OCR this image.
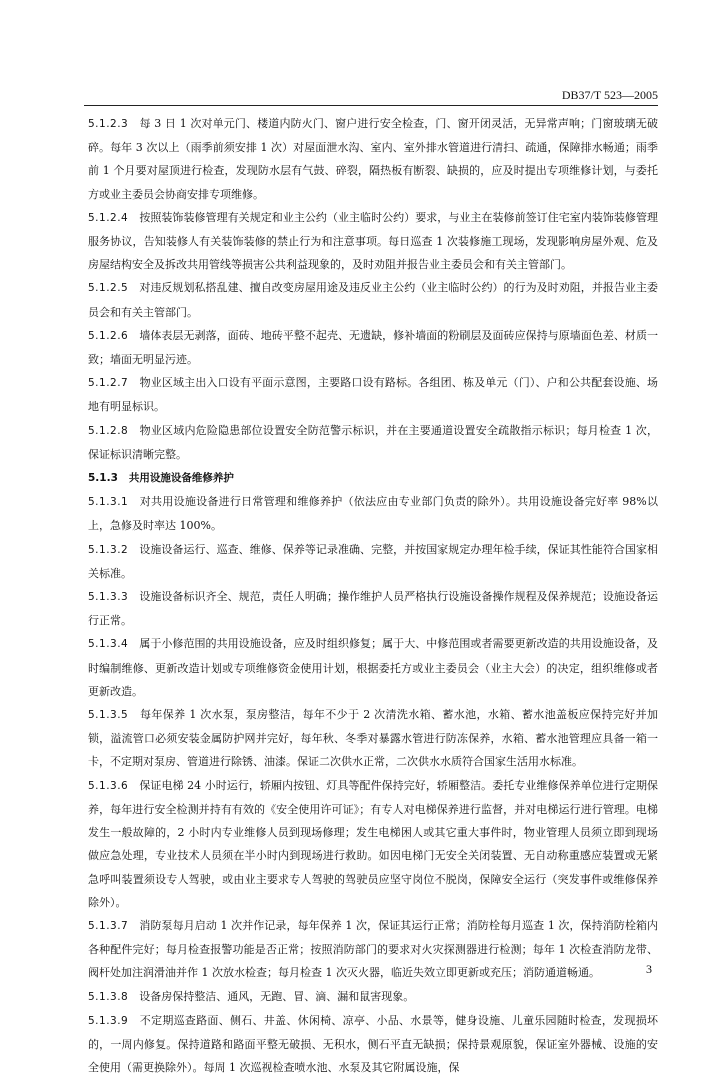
DB37/T 523—2005

5.1.2.3　 每 3 日 1 次对单元门、楼道内防火门、窗户进行安全检查，门、窗开闭灵活，无异常声响；门窗玻璃无破碎。每年 3 次以上（雨季前须安排 1 次）对屋面泄水沟、室内、室外排水管道进行清扫、疏通，保障排水畅通；雨季前 1 个月要对屋顶进行检查，发现防水层有气鼓、碎裂，隔热板有断裂、缺损的，应及时提出专项维修计划，与委托方或业主委员会协商安排专项维修。

5.1.2.4　 按照装饰装修管理有关规定和业主公约（业主临时公约）要求，与业主在装修前签订住宅室内装饰装修管理服务协议，告知装修人有关装饰装修的禁止行为和注意事项。每日巡查 1 次装修施工现场，发现影响房屋外观、危及房屋结构安全及拆改共用管线等损害公共利益现象的，及时劝阻并报告业主委员会和有关主管部门。

5.1.2.5　 对违反规划私搭乱建、擅自改变房屋用途及违反业主公约（业主临时公约）的行为及时劝阻，并报告业主委员会和有关主管部门。

5.1.2.6　 墙体表层无剥落，面砖、地砖平整不起壳、无遗缺，修补墙面的粉刷层及面砖应保持与原墙面色差、材质一致；墙面无明显污迹。

5.1.2.7　 物业区域主出入口设有平面示意图，主要路口设有路标。各组团、栋及单元（门）、户和公共配套设施、场地有明显标识。

5.1.2.8　 物业区域内危险隐患部位设置安全防范警示标识，并在主要通道设置安全疏散指示标识；每月检查 1 次，保证标识清晰完整。

5.1.3　 共用设施设备维修养护

5.1.3.1　 对共用设施设备进行日常管理和维修养护（依法应由专业部门负责的除外）。共用设施设备完好率 98%以上，急修及时率达 100%。

5.1.3.2　 设施设备运行、巡查、维修、保养等记录准确、完整，并按国家规定办理年检手续，保证其性能符合国家相关标准。

5.1.3.3　 设施设备标识齐全、规范，责任人明确；操作维护人员严格执行设施设备操作规程及保养规范；设施设备运行正常。

5.1.3.4　 属于小修范围的共用设施设备，应及时组织修复；属于大、中修范围或者需要更新改造的共用设施设备，及时编制维修、更新改造计划或专项维修资金使用计划，根据委托方或业主委员会（业主大会）的决定，组织维修或者更新改造。

5.1.3.5　 每年保养 1 次水泵，泵房整洁，每年不少于 2 次清洗水箱、蓄水池，水箱、蓄水池盖板应保持完好并加锁，溢流管口必须安装金属防护网并完好，每年秋、冬季对暴露水管进行防冻保养，水箱、蓄水池管理应具备一箱一卡，不定期对泵房、管道进行除锈、油漆。保证二次供水正常，二次供水水质符合国家生活用水标准。

5.1.3.6　 保证电梯 24 小时运行，轿厢内按钮、灯具等配件保持完好，轿厢整洁。委托专业维修保养单位进行定期保养，每年进行安全检测并持有有效的《安全使用许可证》；有专人对电梯保养进行监督，并对电梯运行进行管理。电梯发生一般故障的，2 小时内专业维修人员到现场修理；发生电梯困人或其它重大事件时，物业管理人员须立即到现场做应急处理，专业技术人员须在半小时内到现场进行救助。如因电梯门无安全关闭装置、无自动称重感应装置或无紧急呼叫装置须设专人驾驶，或由业主要求专人驾驶的驾驶员应坚守岗位不脱岗，保障安全运行（突发事件或维修保养除外）。

5.1.3.7　 消防泵每月启动 1 次并作记录，每年保养 1 次，保证其运行正常；消防栓每月巡查 1 次，保持消防栓箱内各种配件完好；每月检查报警功能是否正常；按照消防部门的要求对火灾探测器进行检测；每年 1 次检查消防龙带、阀杆处加注润滑油并作 1 次放水检查；每月检查 1 次灭火器，临近失效立即更新或充压；消防通道畅通。

5.1.3.8　 设备房保持整洁、通风，无跑、冒、滴、漏和鼠害现象。

5.1.3.9　 不定期巡查路面、侧石、井盖、休闲椅、凉亭、小品、水景等，健身设施、儿童乐园随时检查，发现损坏的，一周内修复。保持道路和路面平整无破损、无积水，侧石平直无缺损；保持景观原貌，保证室外器械、设施的安全使用（需更换除外）。每周 1 次巡视检查喷水池、水泵及其它附属设施，保

3
